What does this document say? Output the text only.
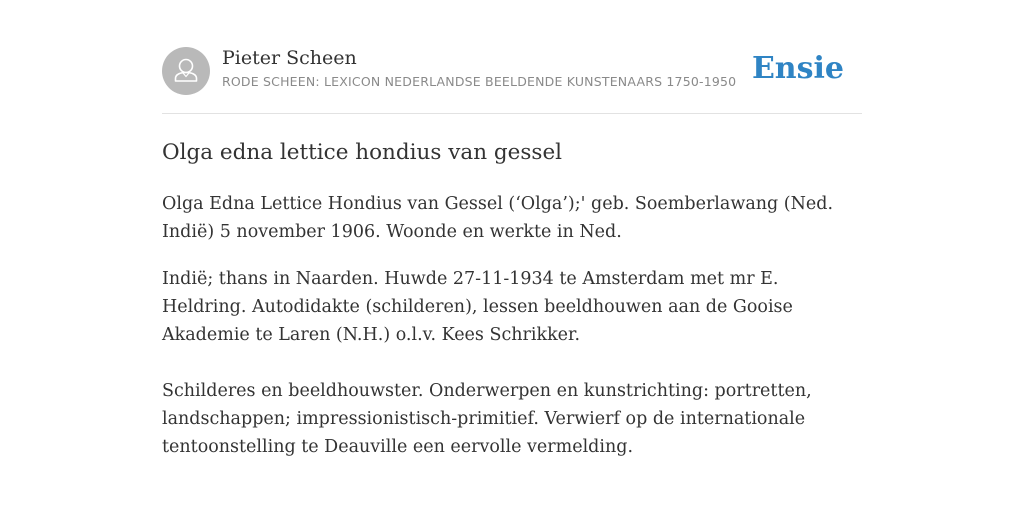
Pieter Scheen
RODE SCHEEN: LEXICON NEDERLANDSE BEELDENDE KUNSTENAARS 1750-1950 Ensie
Olga edna lettice hondius van gessel

Olga Edna Lettice Hondius van Gessel (‘Olga’);' geb. Soemberlawang (Ned. Indië) 5 november 1906. Woonde en werkte in Ned.

Indië; thans in Naarden. Huwde 27-11-1934 te Amsterdam met mr E. Heldring. Autodidakte (schilderen), lessen beeldhouwen aan de Gooise Akademie te Laren (N.H.) o.l.v. Kees Schrikker.

Schilderes en beeldhouwster. Onderwerpen en kunstrichting: portretten, landschappen; impressionistisch-primitief. Verwierf op de internationale tentoonstelling te Deauville een eervolle vermelding.
